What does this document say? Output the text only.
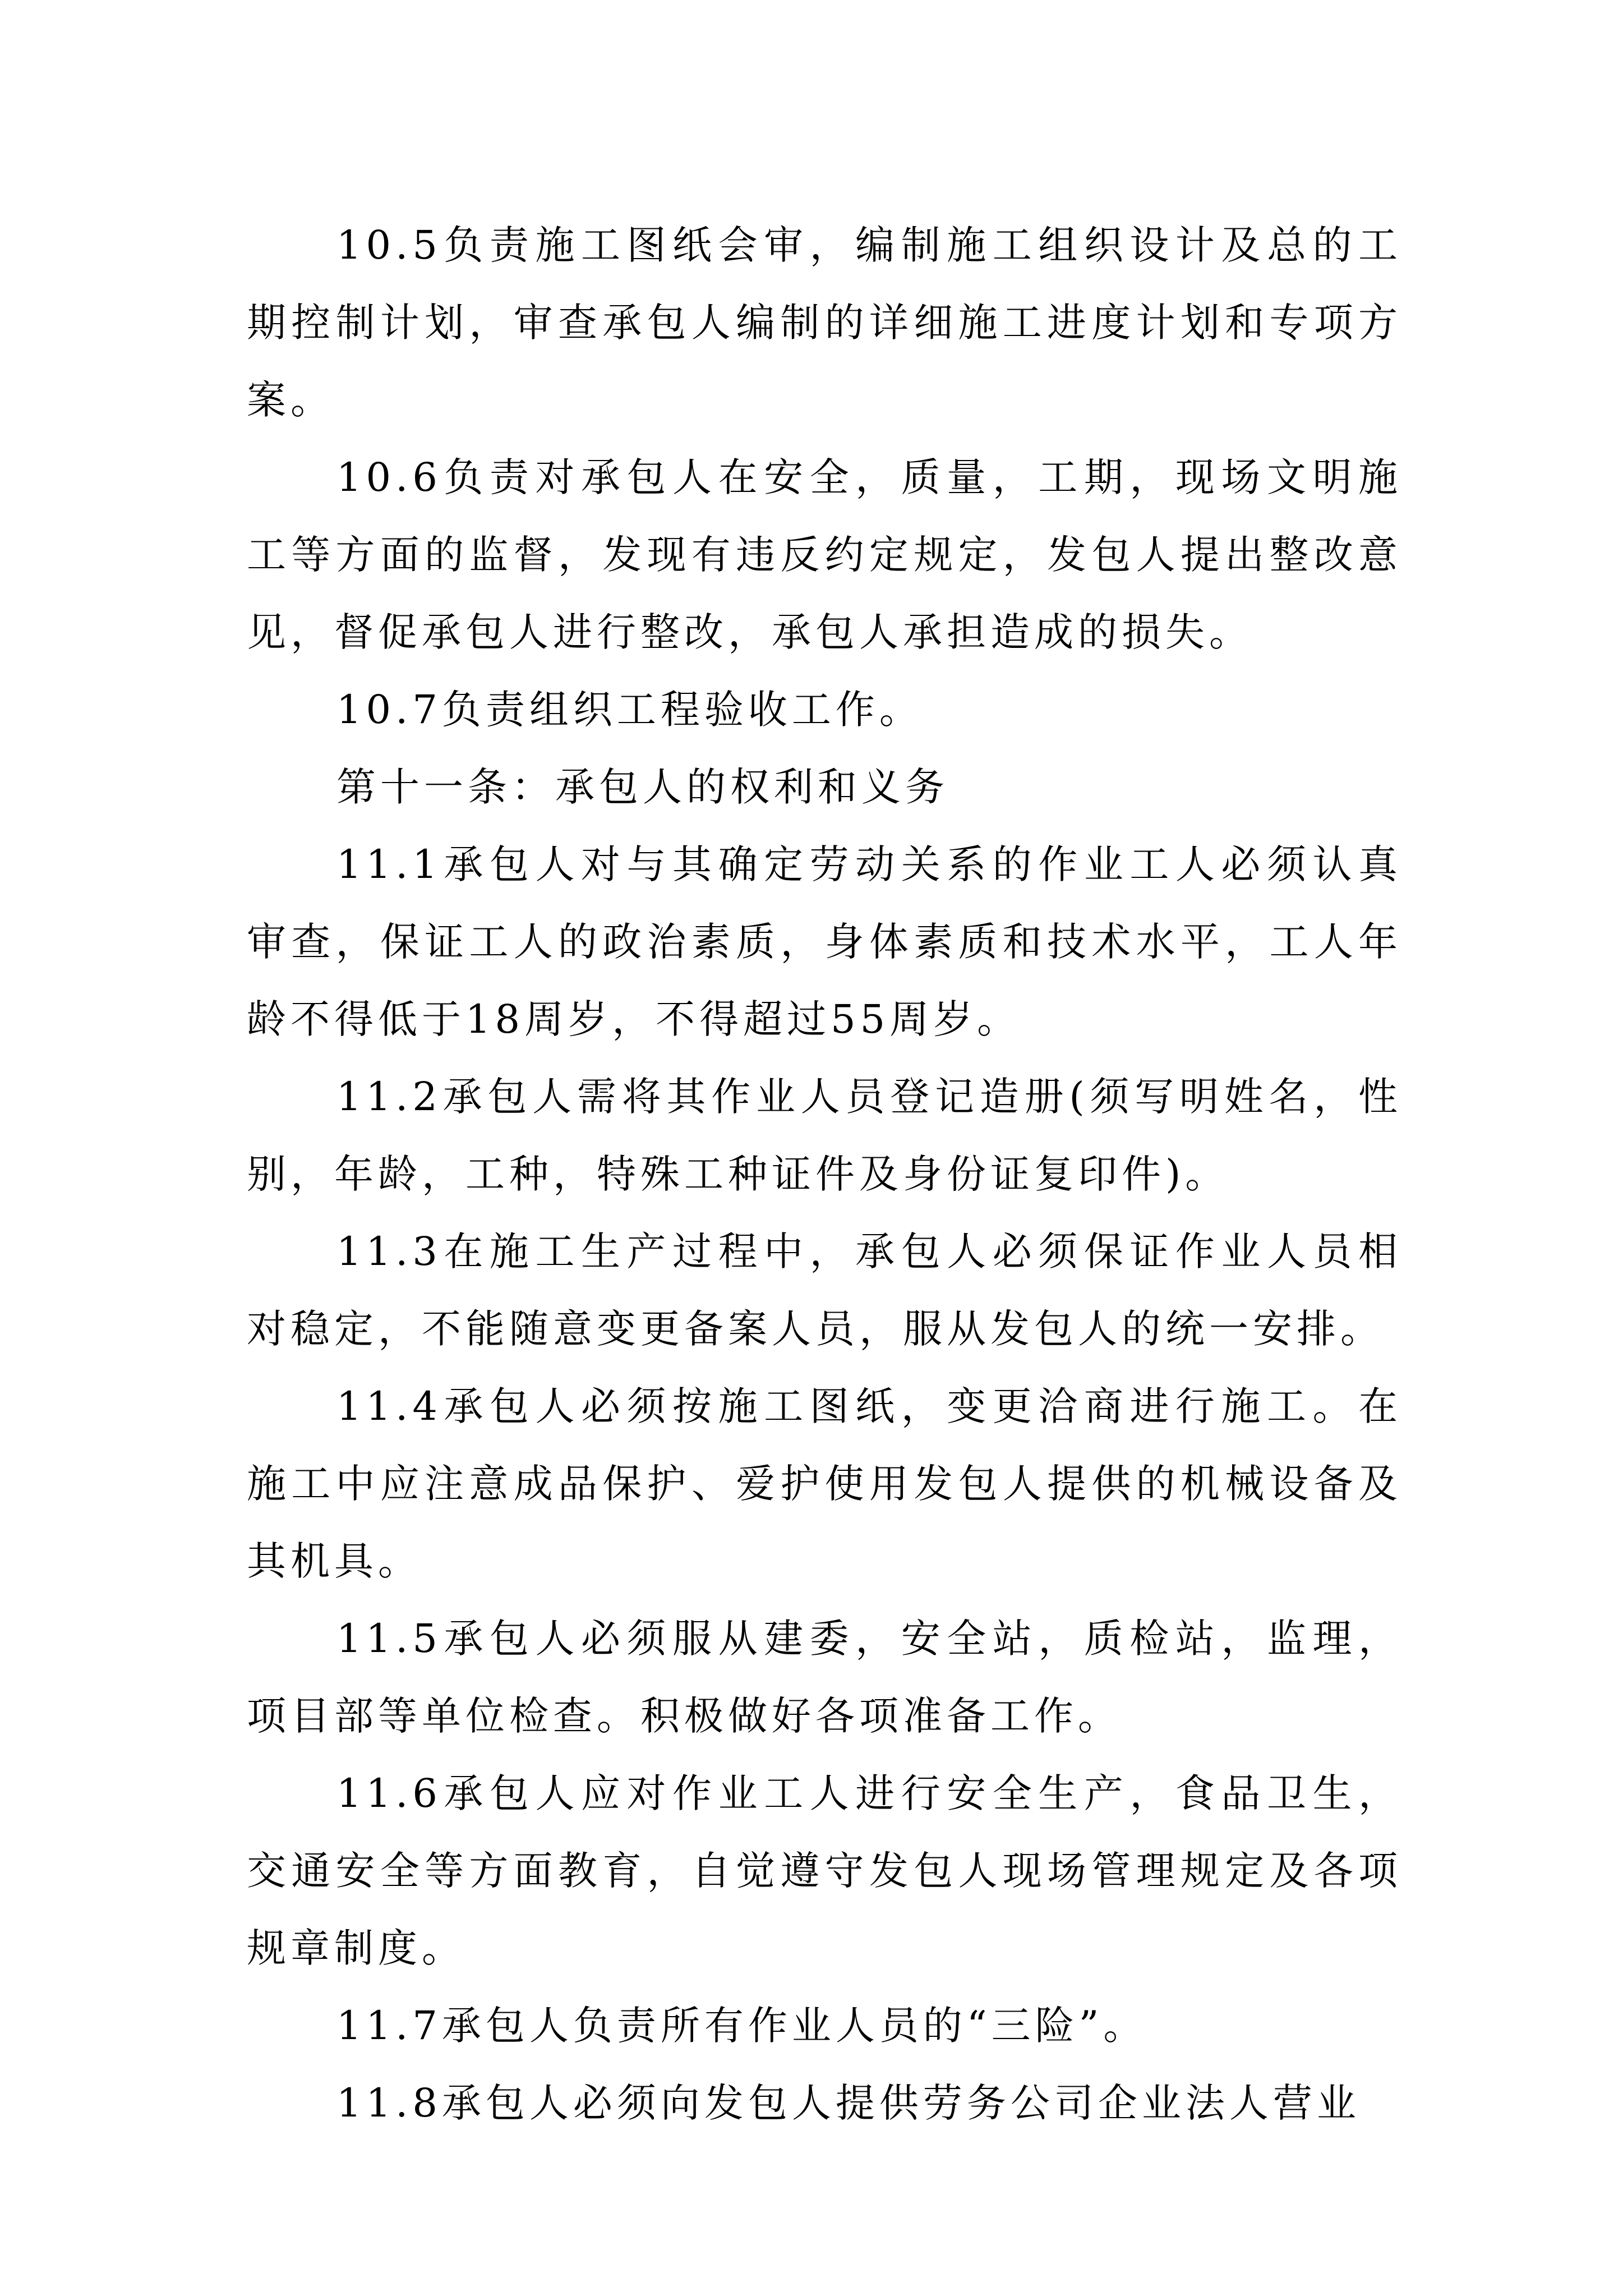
10.5负责施工图纸会审，编制施工组织设计及总的工期控制计划，审查承包人编制的详细施工进度计划和专项方案。

10.6负责对承包人在安全，质量，工期，现场文明施工等方面的监督，发现有违反约定规定，发包人提出整改意见，督促承包人进行整改，承包人承担造成的损失。

10.7负责组织工程验收工作。

第十一条：承包人的权利和义务

11.1承包人对与其确定劳动关系的作业工人必须认真审查，保证工人的政治素质，身体素质和技术水平，工人年龄不得低于18周岁，不得超过55周岁。

11.2承包人需将其作业人员登记造册(须写明姓名，性别，年龄，工种，特殊工种证件及身份证复印件)。

11.3在施工生产过程中，承包人必须保证作业人员相对稳定，不能随意变更备案人员，服从发包人的统一安排。

11.4承包人必须按施工图纸，变更洽商进行施工。在施工中应注意成品保护、爱护使用发包人提供的机械设备及其机具。

11.5承包人必须服从建委，安全站，质检站，监理，项目部等单位检查。积极做好各项准备工作。

11.6承包人应对作业工人进行安全生产，食品卫生，交通安全等方面教育，自觉遵守发包人现场管理规定及各项规章制度。

11.7承包人负责所有作业人员的“三险”。

11.8承包人必须向发包人提供劳务公司企业法人营业
